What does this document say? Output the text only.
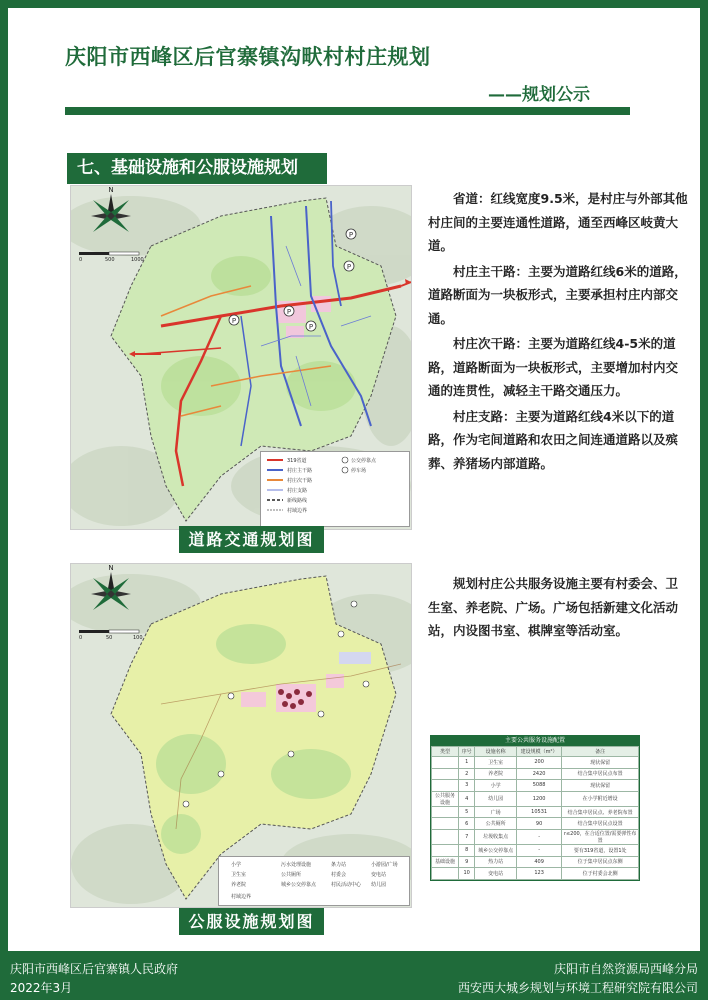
庆阳市西峰区后官寨镇沟畎村村庄规划
——规划公示
七、基础设施和公服设施规划
P
P
P
P
P
N
0	500	1000
319省道
村庄主干路
村庄次干路
村庄支路
公交停靠点
停车场
新线路线
村域边界
道路交通规划图

省道：红线宽度9.5米，是村庄与外部其他村庄间的主要连通性道路，通至西峰区岐黄大道。

村庄主干路：主要为道路红线6米的道路，道路断面为一块板形式，主要承担村庄内部交通。

村庄次干路：主要为道路红线4-5米的道路，道路断面为一块板形式，主要增加村内交通的连贯性，减轻主干路交通压力。

村庄支路：主要为道路红线4米以下的道路，作为宅间道路和农田之间连通道路以及殡葬、养猪场内部道路。

N
0	50	100
小学	污水处理设施	条力站	小游园/广场
卫生室	公共厕所	村委会	变电站
养老院	城乡公交停靠点	村民活动中心 幼儿园
村域边界
公服设施规划图

规划村庄公共服务设施主要有村委会、卫生室、养老院、广场。广场包括新建文化活动站，内设图书室、棋牌室等活动室。

主要公共服务设施配置
类型	序号	设施名称	建设规模（m²）	备注
	1	卫生室	200	现状保留
	2	养老院	2420	结合集中居民点布置
	3	小学	5088	现状保留
公共服务设施	4	幼儿园	1200	在小学附近增设
	5	广场	10531	结合集中居民点、养老院布置
	6	公共厕所	90	结合集中居民点设置
	7	垃圾收集点	-	r≤200，在合适位置/需要弹性布置
	8	城乡公交停靠点	-	要有319省道，设置1处
基础设施	9	热力站	409	位于集中居民点东侧
	10	变电站	123	位于村委会北侧
庆阳市西峰区后官寨镇人民政府
2022年3月
庆阳市自然资源局西峰分局
西安西大城乡规划与环境工程研究院有限公司
